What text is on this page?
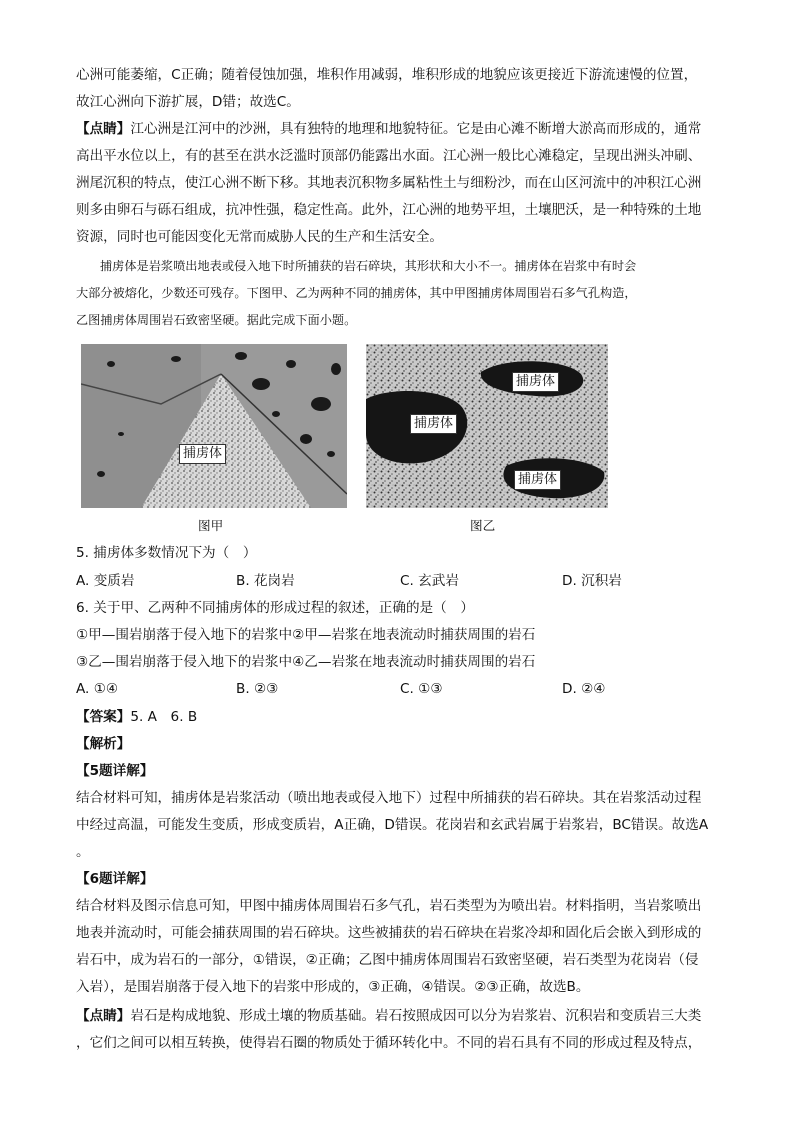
心洲可能萎缩，C正确；随着侵蚀加强，堆积作用减弱，堆积形成的地貌应该更接近下游流速慢的位置，

故江心洲向下游扩展，D错；故选C。

【点睛】江心洲是江河中的沙洲，具有独特的地理和地貌特征。它是由心滩不断增大淤高而形成的，通常

高出平水位以上，有的甚至在洪水泛滥时顶部仍能露出水面。江心洲一般比心滩稳定，呈现出洲头冲刷、

洲尾沉积的特点，使江心洲不断下移。其地表沉积物多属粘性土与细粉沙，而在山区河流中的冲积江心洲

则多由卵石与砾石组成，抗冲性强，稳定性高。此外，江心洲的地势平坦，土壤肥沃，是一种特殊的土地

资源，同时也可能因变化无常而威胁人民的生产和生活安全。

捕虏体是岩浆喷出地表或侵入地下时所捕获的岩石碎块，其形状和大小不一。捕虏体在岩浆中有时会

大部分被熔化，少数还可残存。下图甲、乙为两种不同的捕虏体，其中甲图捕虏体周围岩石多气孔构造，

乙图捕虏体周围岩石致密坚硬。据此完成下面小题。

捕虏体
图甲
捕虏体
捕虏体
捕虏体
图乙

5. 捕虏体多数情况下为（　）

A. 变质岩	B. 花岗岩	C. 玄武岩	D. 沉积岩

6. 关于甲、乙两种不同捕虏体的形成过程的叙述，正确的是（　）

①甲—围岩崩落于侵入地下的岩浆中②甲—岩浆在地表流动时捕获周围的岩石

③乙—围岩崩落于侵入地下的岩浆中④乙—岩浆在地表流动时捕获周围的岩石

A. ①④	B. ②③	C. ①③	D. ②④

【答案】5. A　6. B

【解析】

【5题详解】

结合材料可知，捕虏体是岩浆活动（喷出地表或侵入地下）过程中所捕获的岩石碎块。其在岩浆活动过程

中经过高温，可能发生变质，形成变质岩，A正确，D错误。花岗岩和玄武岩属于岩浆岩，BC错误。故选A

。

【6题详解】

结合材料及图示信息可知，甲图中捕虏体周围岩石多气孔，岩石类型为为喷出岩。材料指明，当岩浆喷出

地表并流动时，可能会捕获周围的岩石碎块。这些被捕获的岩石碎块在岩浆冷却和固化后会嵌入到形成的

岩石中，成为岩石的一部分，①错误，②正确；乙图中捕虏体周围岩石致密坚硬，岩石类型为花岗岩（侵

入岩），是围岩崩落于侵入地下的岩浆中形成的，③正确，④错误。②③正确，故选B。

【点睛】岩石是构成地貌、形成土壤的物质基础。岩石按照成因可以分为岩浆岩、沉积岩和变质岩三大类

，它们之间可以相互转换，使得岩石圈的物质处于循环转化中。不同的岩石具有不同的形成过程及特点，
